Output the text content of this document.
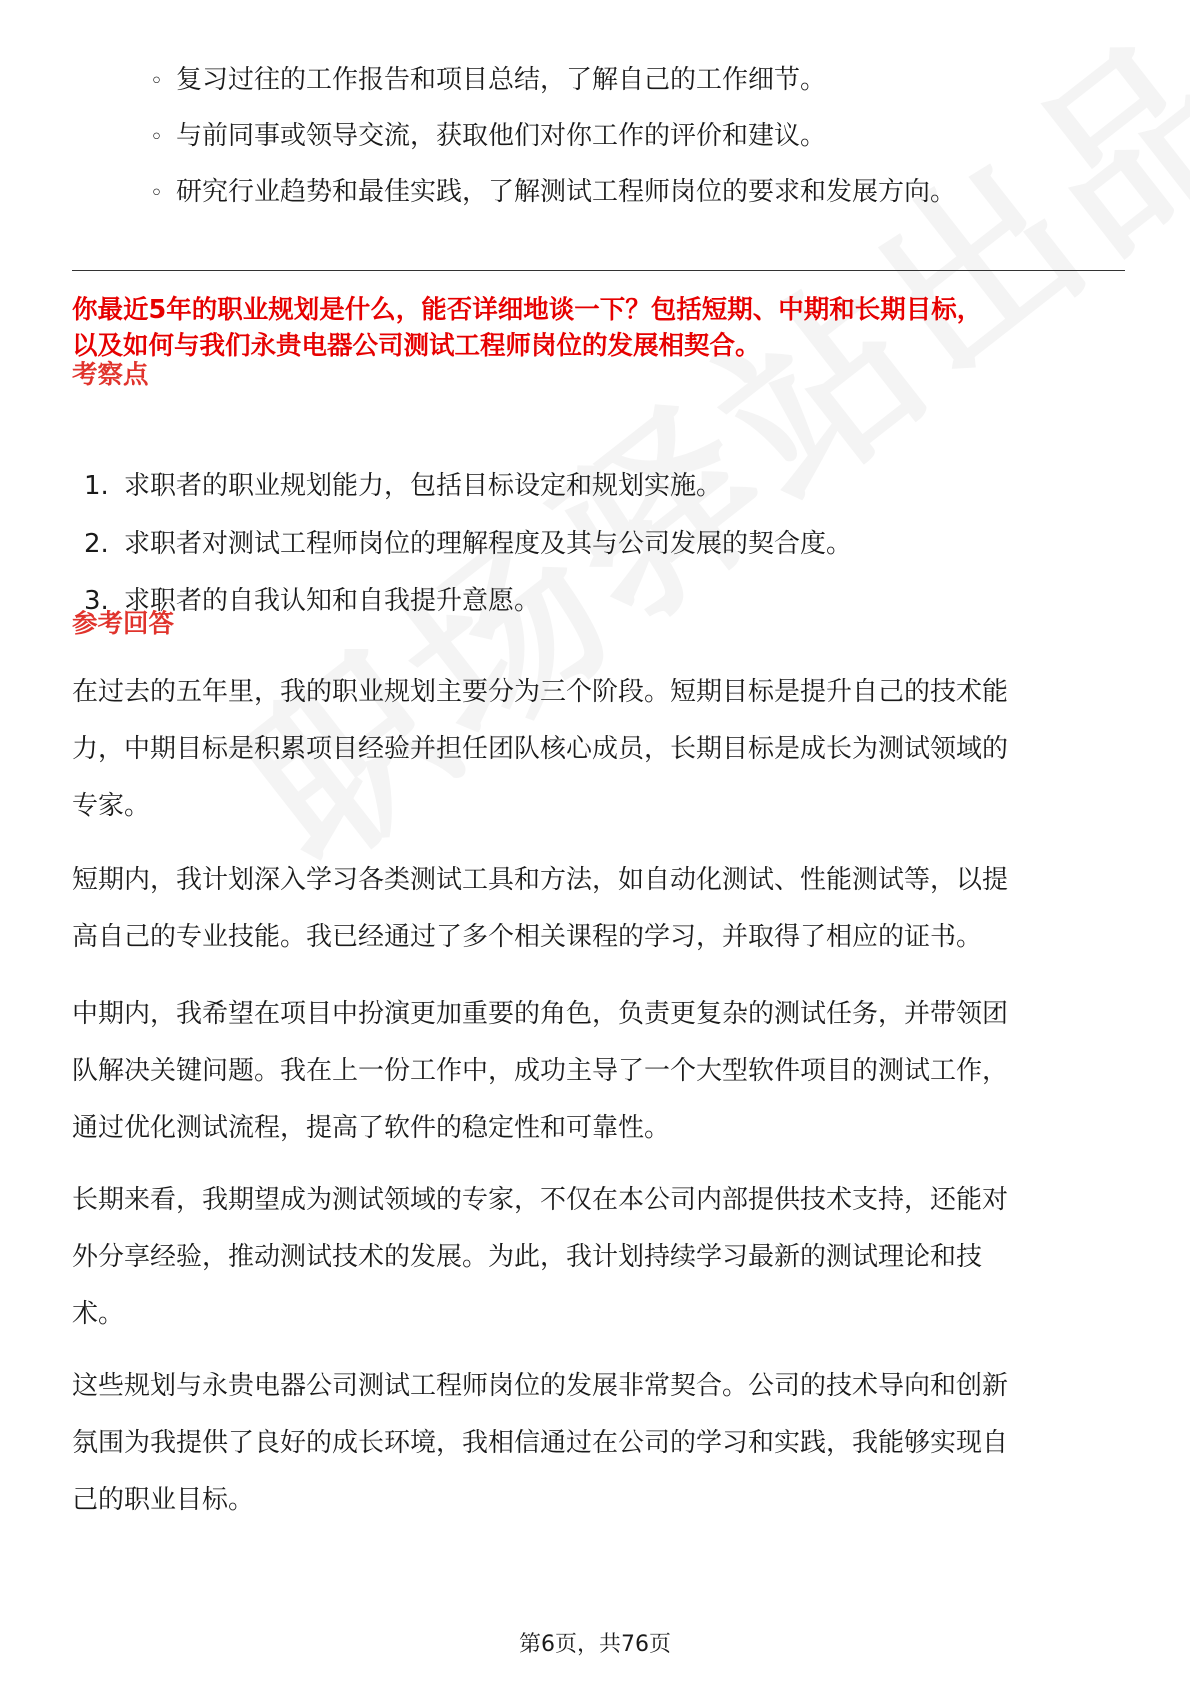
◦ 复习过往的工作报告和项目总结，了解自己的工作细节。
◦ 与前同事或领导交流，获取他们对你工作的评价和建议。
◦ 研究行业趋势和最佳实践，了解测试工程师岗位的要求和发展方向。
你最近5年的职业规划是什么，能否详细地谈一下？包括短期、中期和长期目标，
以及如何与我们永贵电器公司测试工程师岗位的发展相契合。
考察点
1. 求职者的职业规划能力，包括目标设定和规划实施。
2. 求职者对测试工程师岗位的理解程度及其与公司发展的契合度。
3. 求职者的自我认知和自我提升意愿。
参考回答
在过去的五年里，我的职业规划主要分为三个阶段。短期目标是提升自己的技术能
力，中期目标是积累项目经验并担任团队核心成员，长期目标是成长为测试领域的
专家。
短期内，我计划深入学习各类测试工具和方法，如自动化测试、性能测试等，以提
高自己的专业技能。我已经通过了多个相关课程的学习，并取得了相应的证书。
中期内，我希望在项目中扮演更加重要的角色，负责更复杂的测试任务，并带领团
队解决关键问题。我在上一份工作中，成功主导了一个大型软件项目的测试工作，
通过优化测试流程，提高了软件的稳定性和可靠性。
长期来看，我期望成为测试领域的专家，不仅在本公司内部提供技术支持，还能对
外分享经验，推动测试技术的发展。为此，我计划持续学习最新的测试理论和技
术。
这些规划与永贵电器公司测试工程师岗位的发展非常契合。公司的技术导向和创新
氛围为我提供了良好的成长环境，我相信通过在公司的学习和实践，我能够实现自
己的职业目标。
第6页，共76页
